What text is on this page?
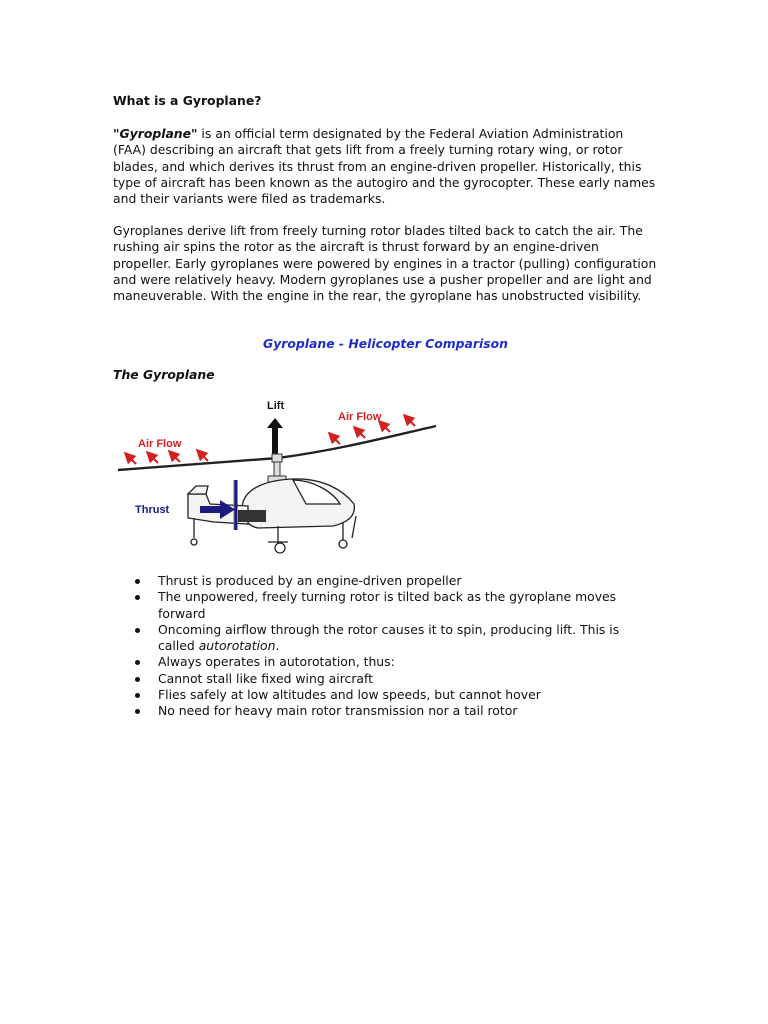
What is a Gyroplane?

"Gyroplane" is an official term designated by the Federal Aviation Administration (FAA) describing an aircraft that gets lift from a freely turning rotary wing, or rotor blades, and which derives its thrust from an engine-driven propeller. Historically, this type of aircraft has been known as the autogiro and the gyrocopter. These early names and their variants were filed as trademarks.

Gyroplanes derive lift from freely turning rotor blades tilted back to catch the air. The rushing air spins the rotor as the aircraft is thrust forward by an engine-driven propeller. Early gyroplanes were powered by engines in a tractor (pulling) configuration and were relatively heavy. Modern gyroplanes use a pusher propeller and are light and maneuverable. With the engine in the rear, the gyroplane has unobstructed visibility.

Gyroplane - Helicopter Comparison
The Gyroplane
Lift
Air Flow
Air Flow
Thrust
Thrust is produced by an engine-driven propeller
The unpowered, freely turning rotor is tilted back as the gyroplane moves forward
Oncoming airflow through the rotor causes it to spin, producing lift. This is called autorotation.
Always operates in autorotation, thus:
Cannot stall like fixed wing aircraft
Flies safely at low altitudes and low speeds, but cannot hover
No need for heavy main rotor transmission nor a tail rotor
